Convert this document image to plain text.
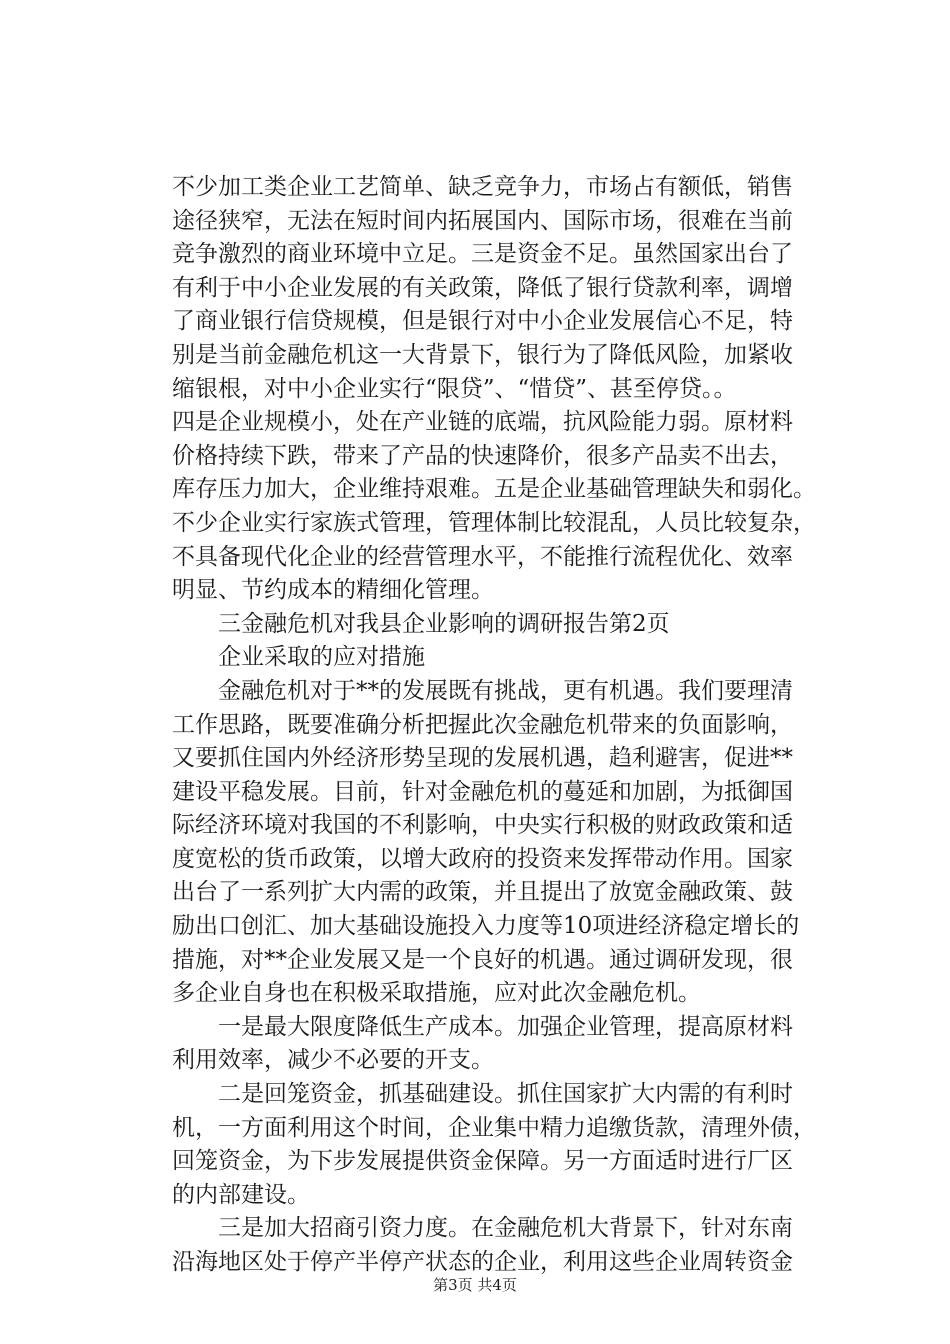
不少加工类企业工艺简单、缺乏竞争力，市场占有额低，销售
途径狭窄，无法在短时间内拓展国内、国际市场，很难在当前
竞争激烈的商业环境中立足。三是资金不足。虽然国家出台了
有利于中小企业发展的有关政策，降低了银行贷款利率，调增
了商业银行信贷规模，但是银行对中小企业发展信心不足，特
别是当前金融危机这一大背景下，银行为了降低风险，加紧收
缩银根，对中小企业实行“限贷”、“惜贷”、甚至停贷。。
四是企业规模小，处在产业链的底端，抗风险能力弱。原材料
价格持续下跌，带来了产品的快速降价，很多产品卖不出去，
库存压力加大，企业维持艰难。五是企业基础管理缺失和弱化。
不少企业实行家族式管理，管理体制比较混乱，人员比较复杂，
不具备现代化企业的经营管理水平，不能推行流程优化、效率
明显、节约成本的精细化管理。
三金融危机对我县企业影响的调研报告第2页
企业采取的应对措施
金融危机对于**的发展既有挑战，更有机遇。我们要理清
工作思路，既要准确分析把握此次金融危机带来的负面影响，
又要抓住国内外经济形势呈现的发展机遇，趋利避害，促进**
建设平稳发展。目前，针对金融危机的蔓延和加剧，为抵御国
际经济环境对我国的不利影响，中央实行积极的财政政策和适
度宽松的货币政策，以增大政府的投资来发挥带动作用。国家
出台了一系列扩大内需的政策，并且提出了放宽金融政策、鼓
励出口创汇、加大基础设施投入力度等10项进经济稳定增长的
措施，对**企业发展又是一个良好的机遇。通过调研发现，很
多企业自身也在积极采取措施，应对此次金融危机。
一是最大限度降低生产成本。加强企业管理，提高原材料
利用效率，减少不必要的开支。
二是回笼资金，抓基础建设。抓住国家扩大内需的有利时
机，一方面利用这个时间，企业集中精力追缴货款，清理外债，
回笼资金，为下步发展提供资金保障。另一方面适时进行厂区
的内部建设。
三是加大招商引资力度。在金融危机大背景下，针对东南
沿海地区处于停产半停产状态的企业，利用这些企业周转资金
第3页 共4页
